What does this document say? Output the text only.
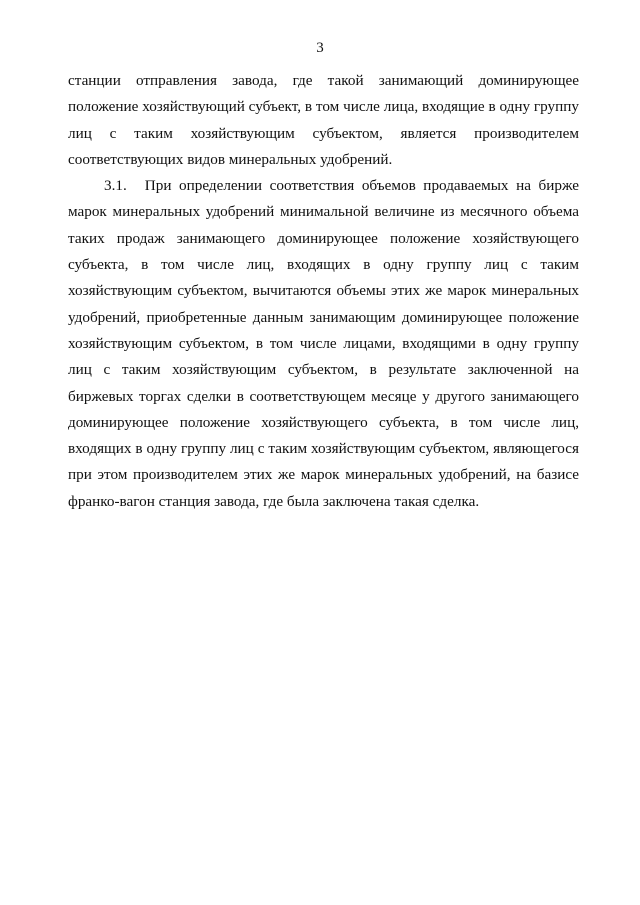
3

станции отправления завода, где такой занимающий доминирующее положение хозяйствующий субъект, в том числе лица, входящие в одну группу лиц с таким хозяйствующим субъектом, является производителем соответствующих видов минеральных удобрений.

3.1. При определении соответствия объемов продаваемых на бирже марок минеральных удобрений минимальной величине из месячного объема таких продаж занимающего доминирующее положение хозяйствующего субъекта, в том числе лиц, входящих в одну группу лиц с таким хозяйствующим субъектом, вычитаются объемы этих же марок минеральных удобрений, приобретенные данным занимающим доминирующее положение хозяйствующим субъектом, в том числе лицами, входящими в одну группу лиц с таким хозяйствующим субъектом, в результате заключенной на биржевых торгах сделки в соответствующем месяце у другого занимающего доминирующее положение хозяйствующего субъекта, в том числе лиц, входящих в одну группу лиц с таким хозяйствующим субъектом, являющегося при этом производителем этих же марок минеральных удобрений, на базисе франко-вагон станция завода, где была заключена такая сделка.
